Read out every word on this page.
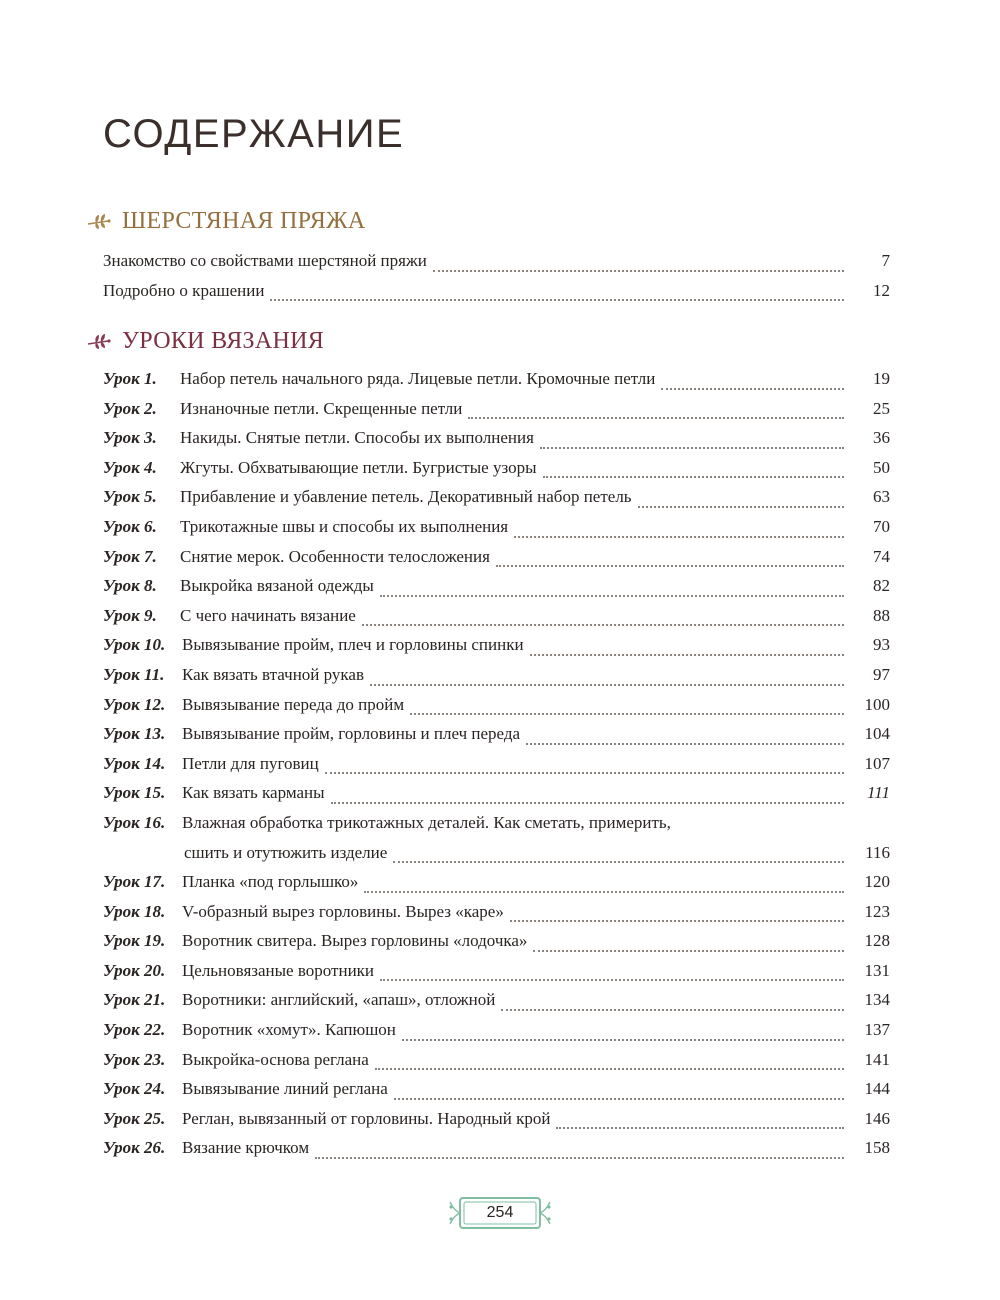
СОДЕРЖАНИЕ
ШЕРСТЯНАЯ ПРЯЖА
Знакомство со свойствами шерстяной пряжи	7
Подробно о крашении	12
УРОКИ ВЯЗАНИЯ
Урок 1.	Набор петель начального ряда. Лицевые петли. Кромочные петли	19
Урок 2.	Изнаночные петли. Скрещенные петли	25
Урок 3.	Накиды. Снятые петли. Способы их выполнения	36
Урок 4.	Жгуты. Обхватывающие петли. Бугристые узоры	50
Урок 5.	Прибавление и убавление петель. Декоративный набор петель	63
Урок 6.	Трикотажные швы и способы их выполнения	70
Урок 7.	Снятие мерок. Особенности телосложения	74
Урок 8.	Выкройка вязаной одежды	82
Урок 9.	С чего начинать вязание	88
Урок 10. Вывязывание пройм, плеч и горловины спинки	93
Урок 11.	Как вязать втачной рукав	97
Урок 12. Вывязывание переда до пройм	100
Урок 13. Вывязывание пройм, горловины и плеч переда	104
Урок 14. Петли для пуговиц	107
Урок 15. Как вязать карманы	111
Урок 16. Влажная обработка трикотажных деталей. Как сметать, примерить,
сшить и отутюжить изделие	116
Урок 17. Планка «под горлышко»	120
Урок 18. V-образный вырез горловины. Вырез «каре»	123
Урок 19. Воротник свитера. Вырез горловины «лодочка»	128
Урок 20. Цельновязаные воротники	131
Урок 21. Воротники: английский, «апаш», отложной	134
Урок 22. Воротник «хомут». Капюшон	137
Урок 23. Выкройка-основа реглана	141
Урок 24. Вывязывание линий реглана	144
Урок 25. Реглан, вывязанный от горловины. Народный крой	146
Урок 26. Вязание крючком	158
254
